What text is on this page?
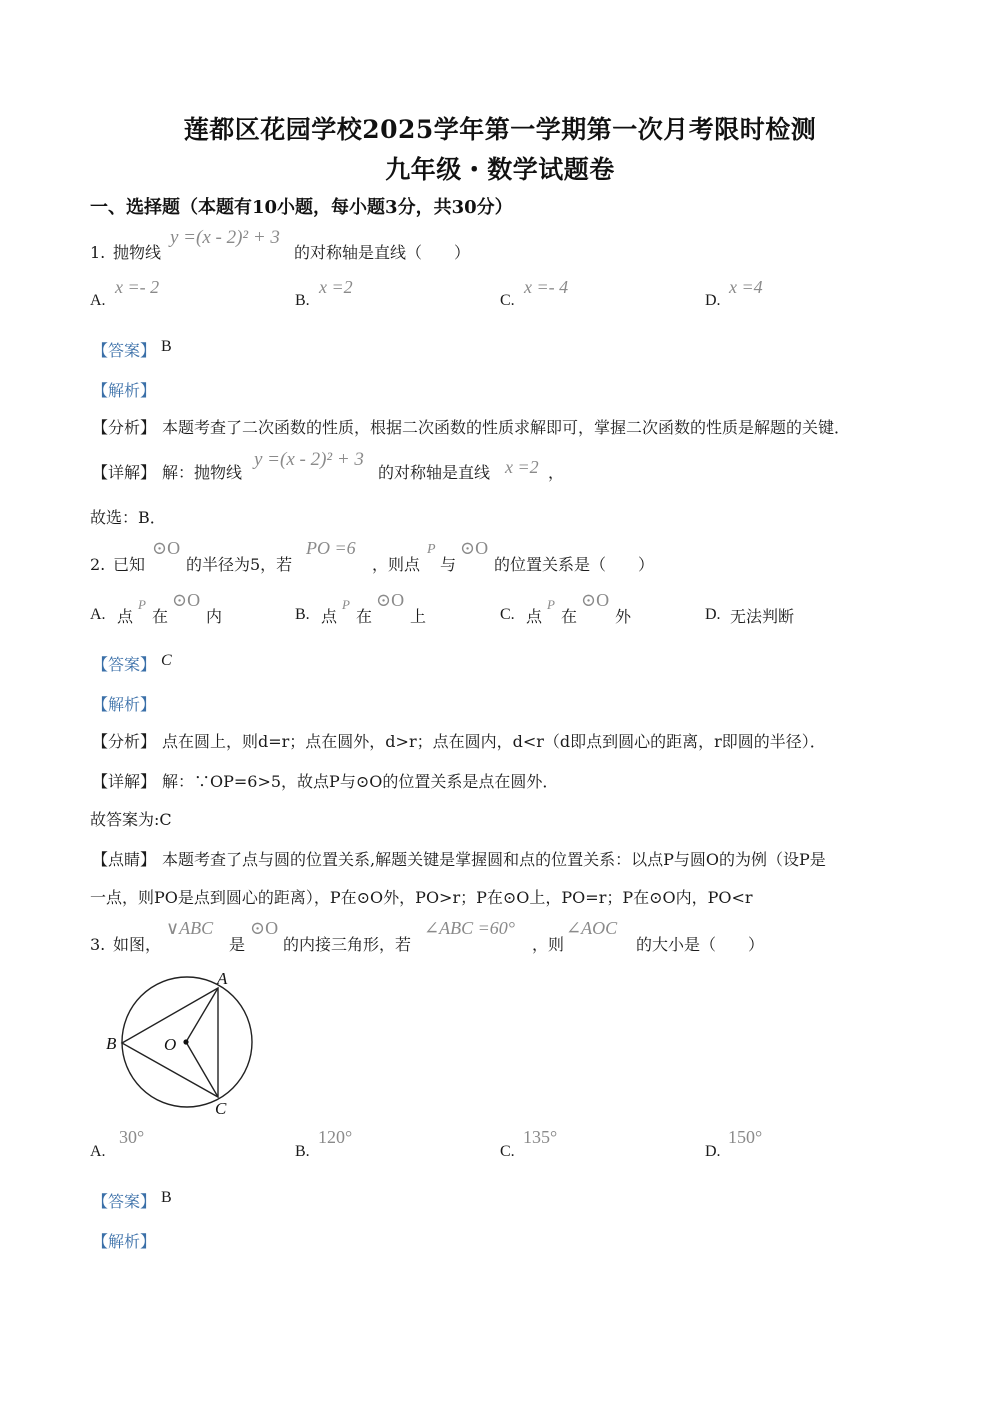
莲都区花园学校2025学年第一学期第一次月考限时检测
九年级・数学试题卷
一、选择题（本题有10小题，每小题3分，共30分）
1. 抛物线
y =(x - 2)² + 3
的对称轴是直线（　　）
A.
x =- 2
B.
x =2
C.
x =- 4
D.
x =4
【答案】 B
【解析】
【分析】 本题考查了二次函数的性质，根据二次函数的性质求解即可，掌握二次函数的性质是解题的关键．
【详解】 解：抛物线
y =(x - 2)² + 3
的对称轴是直线 x =2 ，
故选：B．
2. 已知
⊙O
的半径为5，若
PO =6
，则点
P
与
⊙O
的位置关系是（　　）
A. 点
P
在
⊙O
内	B. 点
P
在
⊙O
上	C. 点
P
在
⊙O
外	D. 无法判断
【答案】 C
【解析】
【分析】 点在圆上，则d=r；点在圆外，d>r；点在圆内，d<r（d即点到圆心的距离，r即圆的半径）．
【详解】 解：∵OP=6>5，故点P与⊙O的位置关系是点在圆外．
故答案为:C
【点睛】 本题考查了点与圆的位置关系,解题关键是掌握圆和点的位置关系：以点P与圆O的为例（设P是
一点，则PO是点到圆心的距离），P在⊙O外，PO>r；P在⊙O上，PO=r；P在⊙O内，PO<r
3. 如图，
∨ABC
是
⊙O
的内接三角形，若
∠ABC =60°
，则
∠AOC
的大小是（　　）
A
B	O
C
A.
30°
B.
120°
C.
135°
D.
150°
【答案】 B
【解析】
